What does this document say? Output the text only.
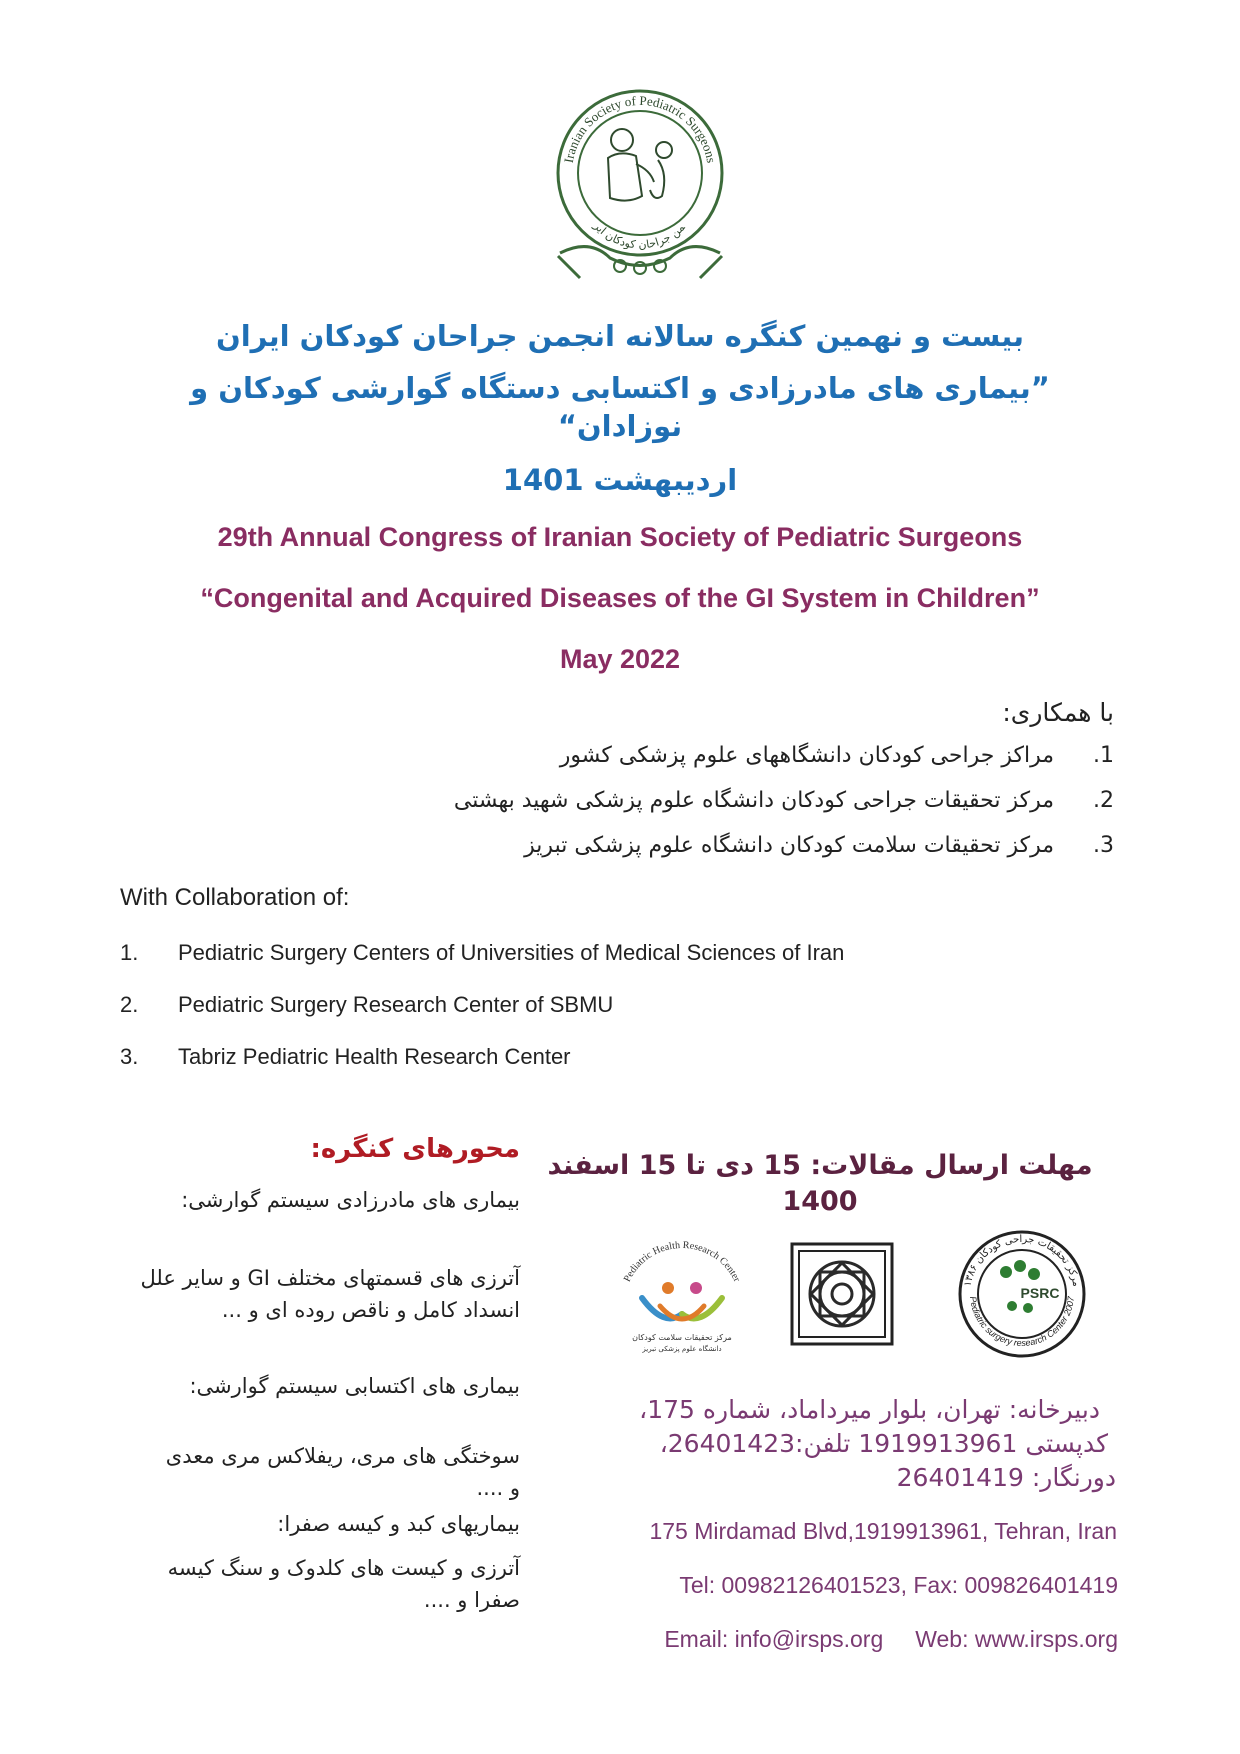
Iranian Society of Pediatric Surgeons
من جراحان کودکان ایر
بیست و نهمین کنگره سالانه انجمن جراحان کودکان ایران
”بیماری های مادرزادی و اکتسابی دستگاه گوارشی کودکان و
نوزادان“
اردیبهشت 1401
29th Annual Congress of Iranian Society of Pediatric Surgeons
“Congenital and Acquired Diseases of the GI System in Children”
May 2022
با همکاری:
.1
مراکز جراحی کودکان دانشگاههای علوم پزشکی کشور
.2
مرکز تحقیقات جراحی کودکان دانشگاه علوم پزشکی شهید بهشتی
.3
مرکز تحقیقات سلامت کودکان دانشگاه علوم پزشکی تبریز
With Collaboration of:
1. Pediatric Surgery Centers of Universities of Medical Sciences of Iran
2. Pediatric Surgery Research Center of SBMU
3. Tabriz Pediatric Health Research Center
محورهای کنگره:
بیماری های مادرزادی سیستم گوارشی:
آترزی های قسمتهای مختلف GI و سایر علل انسداد کامل و ناقص روده ای و ...
بیماری های اکتسابی سیستم گوارشی:
سوختگی های مری، ریفلاکس مری معدی و ....
بیماریهای کبد و کیسه صفرا:
آترزی و کیست های کلدوک و سنگ کیسه صفرا و ....
مهلت ارسال مقالات: 15 دی تا 15 اسفند
1400
Pediatric Health Research Center
مرکز تحقیقات سلامت کودکان
دانشگاه علوم پزشکی تبریز
مرکز تحقیقات جراحی کودکان ۱۳۸۶
Pediatric surgery research Center 2007
PSRC
دبیرخانه: تهران، بلوار میرداماد، شماره 175،
کدپستی 1919913961 تلفن:26401423،
دورنگار: 26401419
175 Mirdamad Blvd,1919913961, Tehran, Iran
Tel: 00982126401523, Fax: 009826401419
Email: info@irsps.org     Web: www.irsps.org
